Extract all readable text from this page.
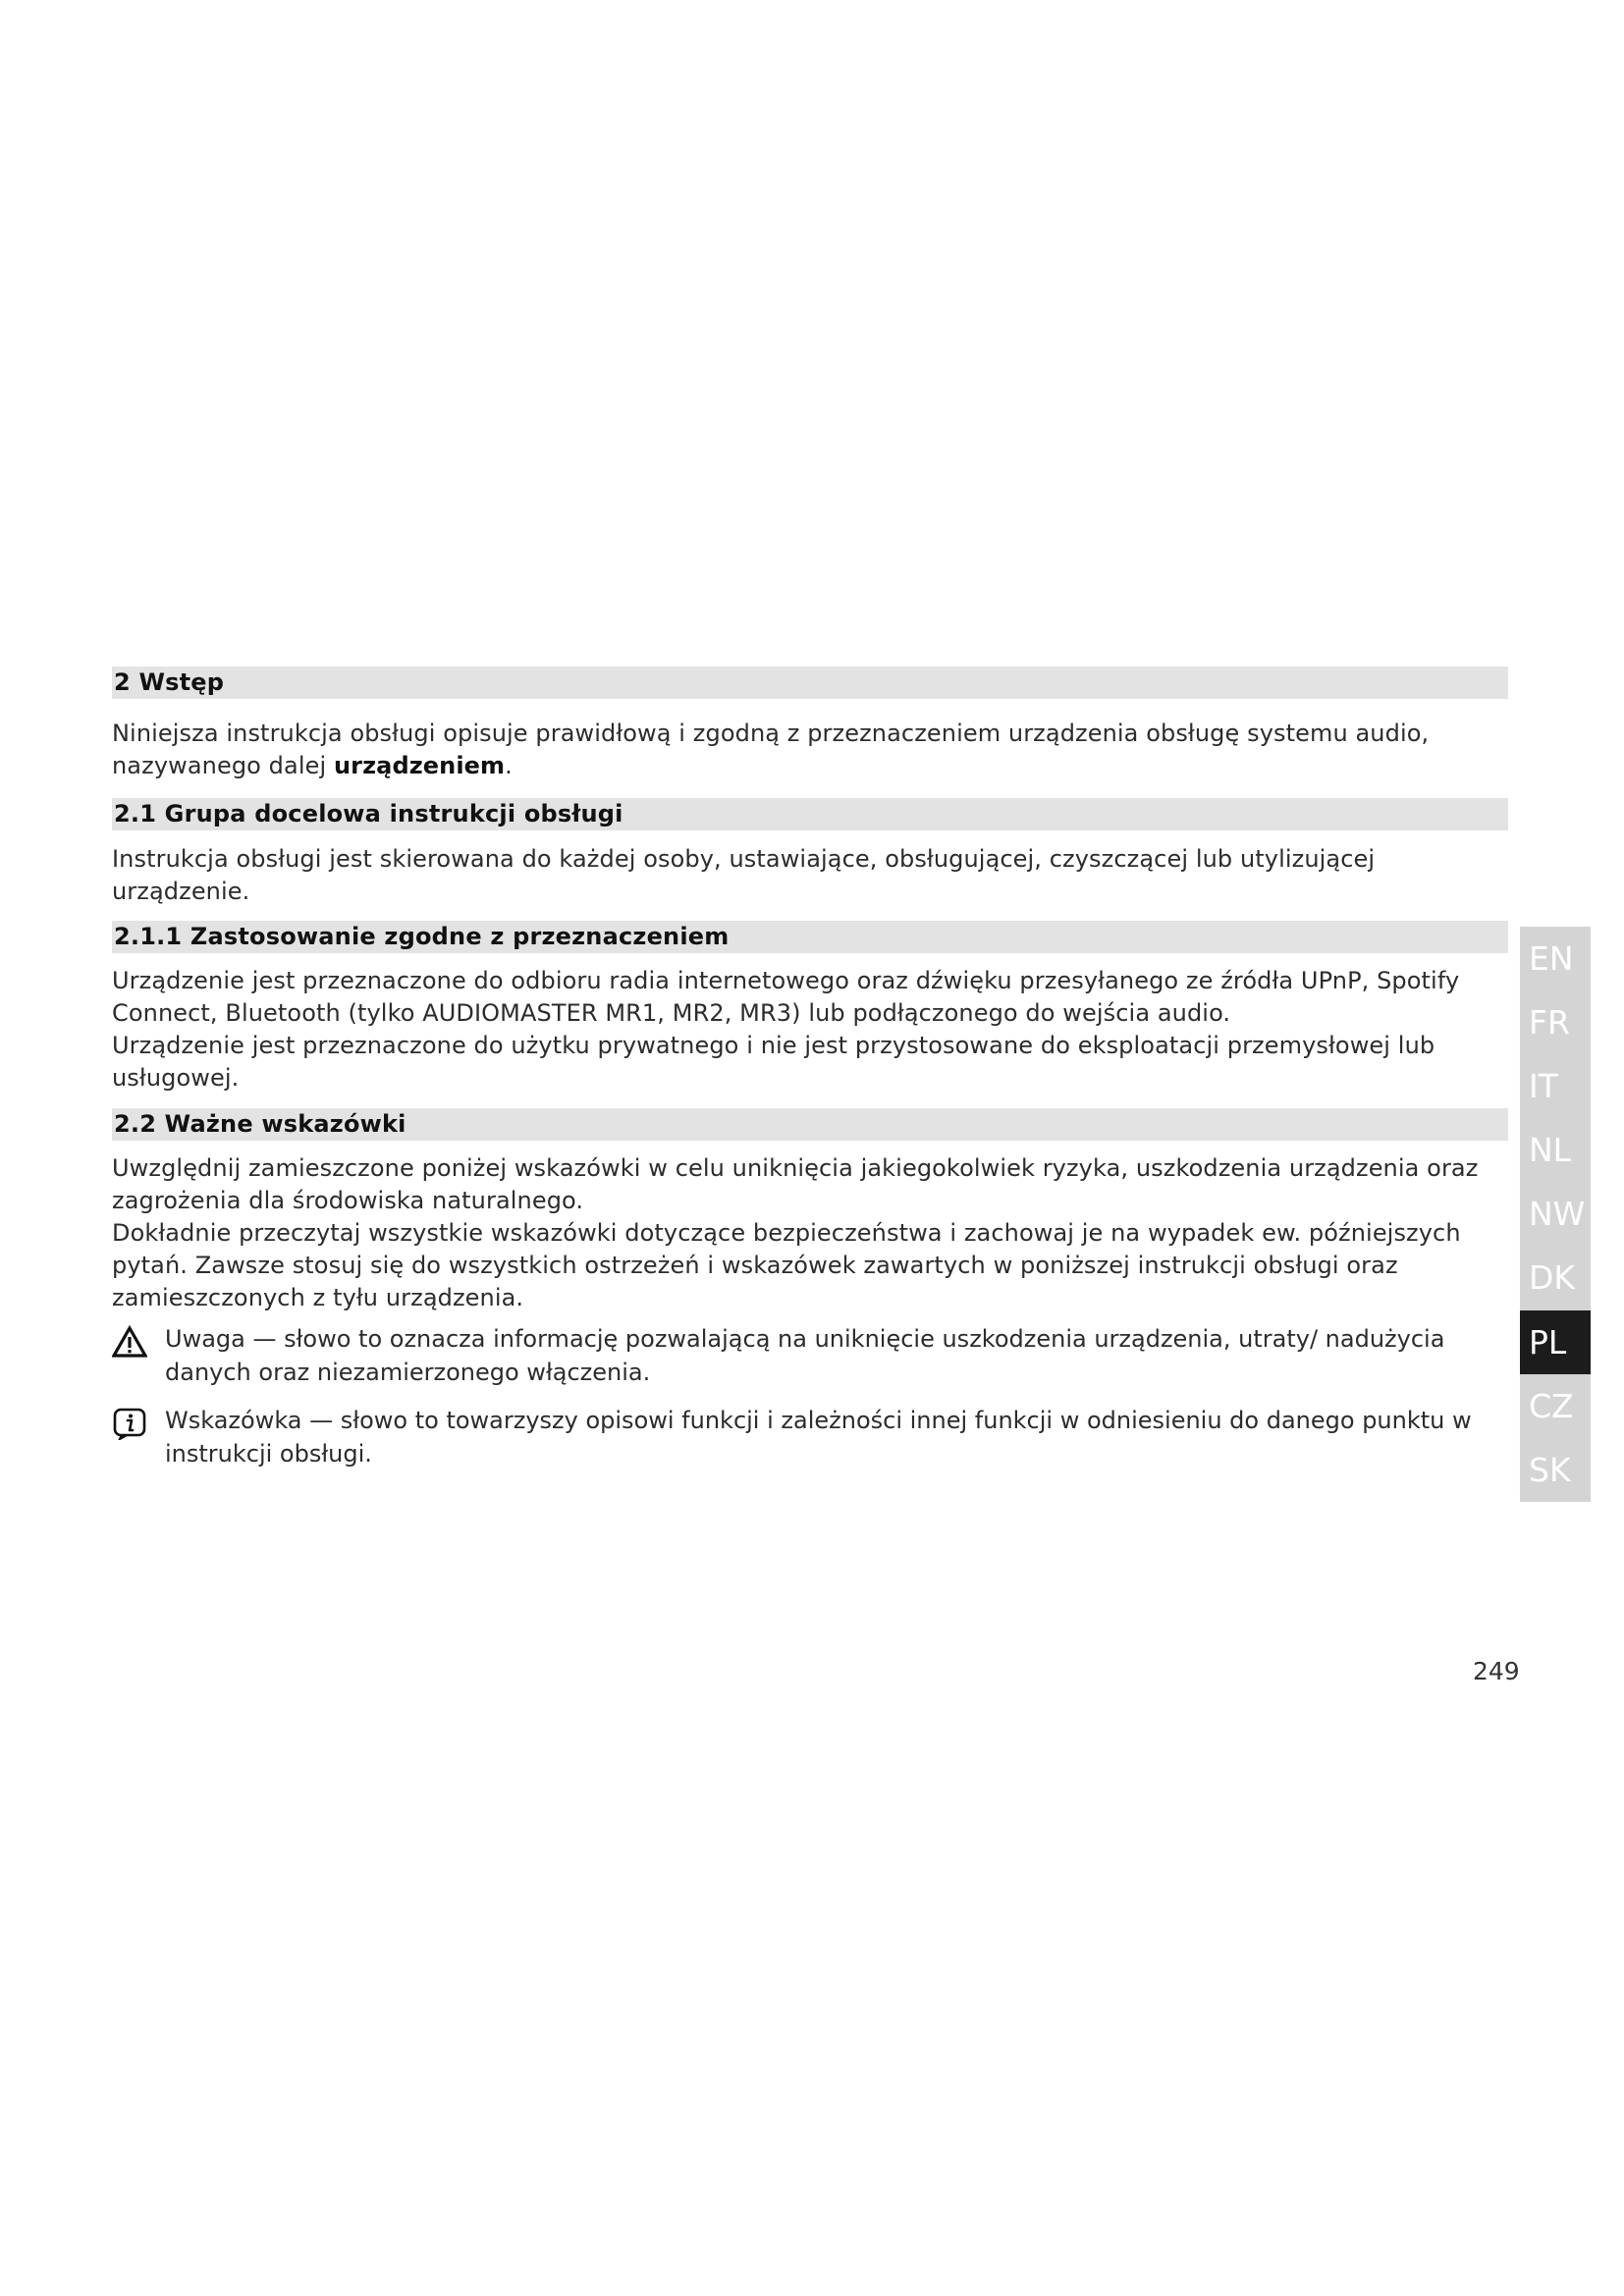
2 Wstęp

Niniejsza instrukcja obsługi opisuje prawidłową i zgodną z przeznaczeniem urządzenia obsługę systemu audio, nazywanego dalej urządzeniem.

2.1 Grupa docelowa instrukcji obsługi

Instrukcja obsługi jest skierowana do każdej osoby, ustawiające, obsługującej, czyszczącej lub utylizującej urządzenie.

2.1.1 Zastosowanie zgodne z przeznaczeniem

Urządzenie jest przeznaczone do odbioru radia internetowego oraz dźwięku przesyłanego ze źródła UPnP, Spotify Connect, Bluetooth (tylko AUDIOMASTER MR1, MR2, MR3) lub podłączonego do wejścia audio.

Urządzenie jest przeznaczone do użytku prywatnego i nie jest przystosowane do eksploatacji przemysłowej lub usługowej.

2.2 Ważne wskazówki

Uwzględnij zamieszczone poniżej wskazówki w celu uniknięcia jakiegokolwiek ryzyka, uszkodzenia urządzenia oraz zagrożenia dla środowiska naturalnego.

Dokładnie przeczytaj wszystkie wskazówki dotyczące bezpieczeństwa i zachowaj je na wypadek ew. późniejszych pytań. Zawsze stosuj się do wszystkich ostrzeżeń i wskazówek zawartych w poniższej instrukcji obsługi oraz zamieszczonych z tyłu urządzenia.

Uwaga — słowo to oznacza informację pozwalającą na uniknięcie uszkodzenia urządzenia, utraty/ nadużycia danych oraz niezamierzonego włączenia.
Wskazówka — słowo to towarzyszy opisowi funkcji i zależności innej funkcji w odniesieniu do danego punktu w instrukcji obsługi.
EN
FR
IT
NL
NW
DK
PL
CZ
SK
249
